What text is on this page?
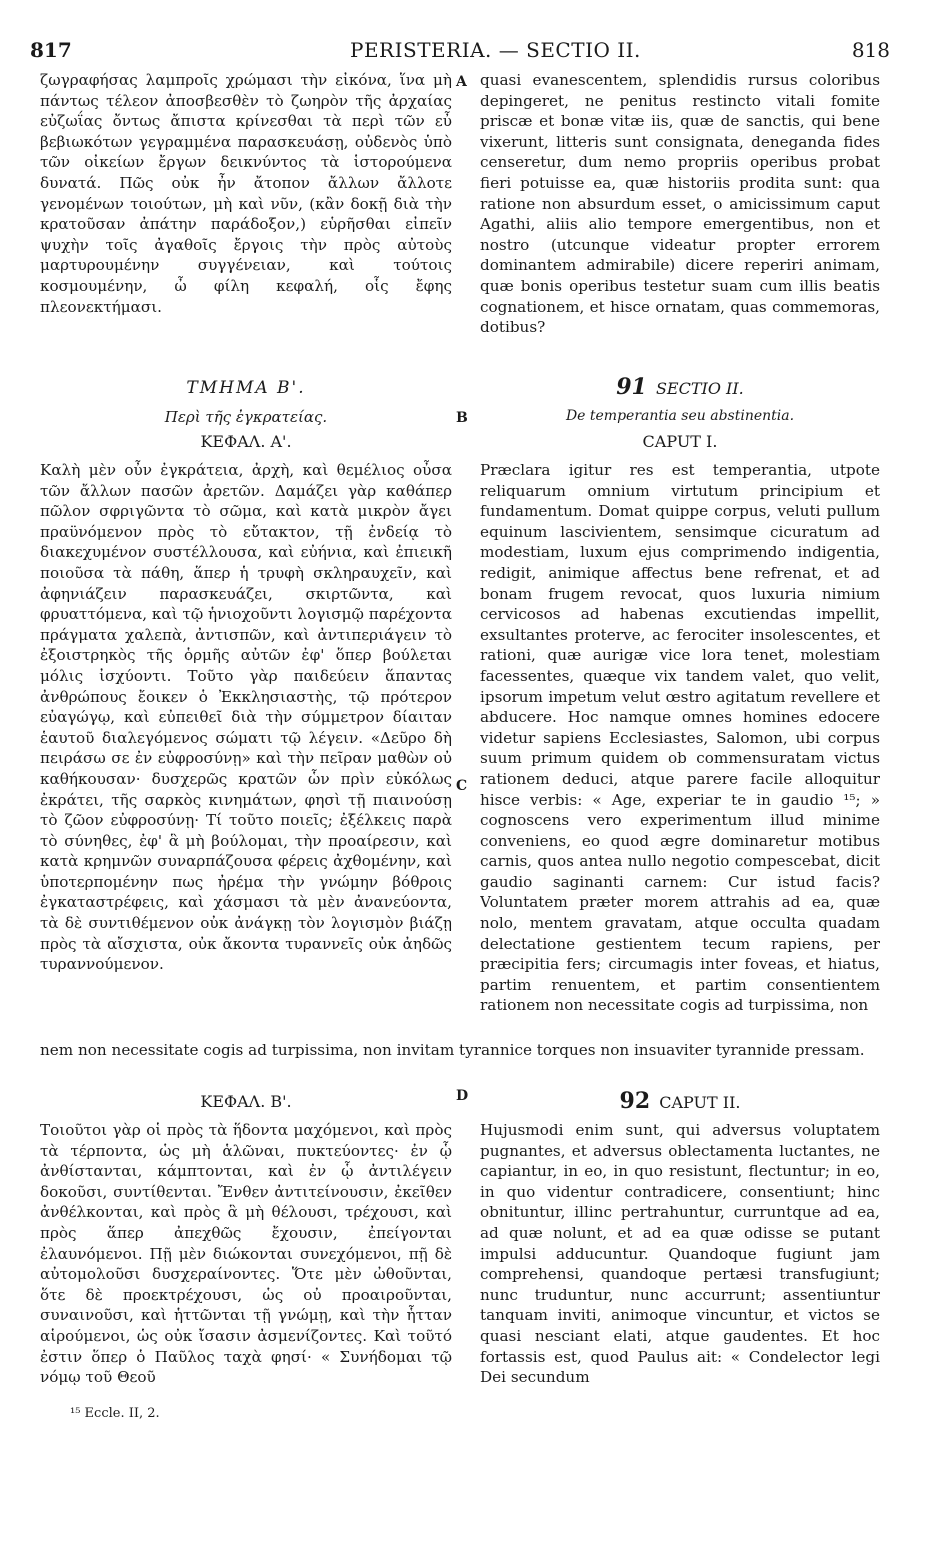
817	PERISTERIA. — SECTIO II.	818
A
B
C
D

ζωγραφήσας λαμπροῖς χρώμασι τὴν εἰκόνα, ἵνα μὴ πάντως τέλεον ἀποσβεσθὲν τὸ ζωηρὸν τῆς ἀρχαίας εὐζωΐας ὄντως ἄπιστα κρίνεσθαι τὰ περὶ τῶν εὖ βεβιωκότων γεγραμμένα παρασκευάσῃ, οὐδενὸς ὑπὸ τῶν οἰκείων ἔργων δεικνύντος τὰ ἱστορούμενα δυνατά. Πῶς οὐκ ἦν ἄτοπον ἄλλων ἄλλοτε γενομένων τοιούτων, μὴ καὶ νῦν, (κἂν δοκῇ διὰ τὴν κρατοῦσαν ἀπάτην παράδοξον,) εὑρῆσθαι εἰπεῖν ψυχὴν τοῖς ἀγαθοῖς ἔργοις τὴν πρὸς αὐτοὺς μαρτυρουμένην συγγένειαν, καὶ τούτοις κοσμουμένην, ὦ φίλη κεφαλή, οἷς ἔφης πλεονεκτήμασι.

quasi evanescentem, splendidis rursus coloribus depingeret, ne penitus restincto vitali fomite priscæ et bonæ vitæ iis, quæ de sanctis, qui bene vixerunt, litteris sunt consignata, deneganda fides censeretur, dum nemo propriis operibus probat fieri potuisse ea, quæ historiis prodita sunt: qua ratione non absurdum esset, o amicissimum caput Agathi, aliis alio tempore emergentibus, non et nostro (utcunque videatur propter errorem dominantem admirabile) dicere reperiri animam, quæ bonis operibus testetur suam cum illis beatis cognationem, et hisce ornatam, quas commemoras, dotibus?

ΤΜΗΜΑ Β'.
Περὶ τῆς ἐγκρατείας.
ΚΕΦΑΛ. Α'.
91 SECTIO II.
De temperantia seu abstinentia.
CAPUT I.

Καλὴ μὲν οὖν ἐγκράτεια, ἀρχὴ, καὶ θεμέλιος οὖσα τῶν ἄλλων πασῶν ἀρετῶν. Δαμάζει γὰρ καθάπερ πῶλον σφριγῶντα τὸ σῶμα, καὶ κατὰ μικρὸν ἄγει πραϋνόμενον πρὸς τὸ εὔτακτον, τῇ ἐνδείᾳ τὸ διακεχυμένον συστέλλουσα, καὶ εὐήνια, καὶ ἐπιεικῆ ποιοῦσα τὰ πάθη, ἅπερ ἡ τρυφὴ σκληραυχεῖν, καὶ ἀφηνιάζειν παρασκευάζει, σκιρτῶντα, καὶ φρυαττόμενα, καὶ τῷ ἡνιοχοῦντι λογισμῷ παρέχοντα πράγματα χαλεπὰ, ἀντισπῶν, καὶ ἀντιπεριάγειν τὸ ἐξοιστρηκὸς τῆς ὁρμῆς αὐτῶν ἐφ' ὅπερ βούλεται μόλις ἰσχύοντι. Τοῦτο γὰρ παιδεύειν ἅπαντας ἀνθρώπους ἔοικεν ὁ Ἐκκλησιαστὴς, τῷ πρότερον εὐαγώγῳ, καὶ εὐπειθεῖ διὰ τὴν σύμμετρον δίαιταν ἑαυτοῦ διαλεγόμενος σώματι τῷ λέγειν. «Δεῦρο δὴ πειράσω σε ἐν εὐφροσύνῃ» καὶ τὴν πεῖραν μαθὼν οὐ καθήκουσαν· δυσχερῶς κρατῶν ὧν πρὶν εὐκόλως ἐκράτει, τῆς σαρκὸς κινημάτων, φησὶ τῇ πιαινούσῃ τὸ ζῶον εὐφροσύνῃ· Τί τοῦτο ποιεῖς; ἐξέλκεις παρὰ τὸ σύνηθες, ἐφ' ἃ μὴ βούλομαι, τὴν προαίρεσιν, καὶ κατὰ κρημνῶν συναρπάζουσα φέρεις ἀχθομένην, καὶ ὑποτερπομένην πως ἠρέμα τὴν γνώμην βόθροις ἐγκαταστρέφεις, καὶ χάσμασι τὰ μὲν ἀνανεύοντα, τὰ δὲ συντιθέμενον οὐκ ἀνάγκῃ τὸν λογισμὸν βιάζῃ πρὸς τὰ αἴσχιστα, οὐκ ἄκοντα τυραννεῖς οὐκ ἀηδῶς τυραννούμενον.

Præclara igitur res est temperantia, utpote reliquarum omnium virtutum principium et fundamentum. Domat quippe corpus, veluti pullum equinum lascivientem, sensimque cicuratum ad modestiam, luxum ejus comprimendo indigentia, redigit, animique affectus bene refrenat, et ad bonam frugem revocat, quos luxuria nimium cervicosos ad habenas excutiendas impellit, exsultantes proterve, ac ferociter insolescentes, et rationi, quæ aurigæ vice lora tenet, molestiam facessentes, quæque vix tandem valet, quo velit, ipsorum impetum velut œstro agitatum revellere et abducere. Hoc namque omnes homines edocere videtur sapiens Ecclesiastes, Salomon, ubi corpus suum primum quidem ob commensuratam victus rationem deduci, atque parere facile alloquitur hisce verbis: « Age, experiar te in gaudio ¹⁵; » cognoscens vero experimentum illud minime conveniens, eo quod ægre dominaretur motibus carnis, quos antea nullo negotio compescebat, dicit gaudio saginanti carnem: Cur istud facis? Voluntatem præter morem attrahis ad ea, quæ nolo, mentem gravatam, atque occulta quadam delectatione gestientem tecum rapiens, per præcipitia fers; circumagis inter foveas, et hiatus, partim renuentem, et partim consentientem rationem non necessitate cogis ad turpissima, non

nem non necessitate cogis ad turpissima, non invitam tyrannice torques non insuaviter tyrannide pressam.
ΚΕΦΑΛ. Β'.	92 CAPUT II.

Τοιοῦτοι γὰρ οἱ πρὸς τὰ ἥδοντα μαχόμενοι, καὶ πρὸς τὰ τέρποντα, ὡς μὴ ἁλῶναι, πυκτεύοντες· ἐν ᾧ ἀνθίστανται, κάμπτονται, καὶ ἐν ᾧ ἀντιλέγειν δοκοῦσι, συντίθενται. Ἔνθεν ἀντιτείνουσιν, ἐκεῖθεν ἀνθέλκονται, καὶ πρὸς ἃ μὴ θέλουσι, τρέχουσι, καὶ πρὸς ἅπερ ἀπεχθῶς ἔχουσιν, ἐπείγονται ἐλαυνόμενοι. Πῇ μὲν διώκονται συνεχόμενοι, πῇ δὲ αὐτομολοῦσι δυσχεραίνοντες. Ὅτε μὲν ὠθοῦνται, ὅτε δὲ προεκτρέχουσι, ὡς οὐ προαιροῦνται, συναινοῦσι, καὶ ἡττῶνται τῇ γνώμῃ, καὶ τὴν ἧτταν αἱρούμενοι, ὡς οὐκ ἴσασιν ἀσμενίζοντες. Καὶ τοῦτό ἐστιν ὅπερ ὁ Παῦλος ταχὰ φησί· « Συνήδομαι τῷ νόμῳ τοῦ Θεοῦ

Hujusmodi enim sunt, qui adversus voluptatem pugnantes, et adversus oblectamenta luctantes, ne capiantur, in eo, in quo resistunt, flectuntur; in eo, in quo videntur contradicere, consentiunt; hinc obnituntur, illinc pertrahuntur, curruntque ad ea, ad quæ nolunt, et ad ea quæ odisse se putant impulsi adducuntur. Quandoque fugiunt jam comprehensi, quandoque pertæsi transfugiunt; nunc truduntur, nunc accurrunt; assentiuntur tanquam inviti, animoque vincuntur, et victos se quasi nesciant elati, atque gaudentes. Et hoc fortassis est, quod Paulus ait: « Condelector legi Dei secundum

¹⁵ Eccle. II, 2.
